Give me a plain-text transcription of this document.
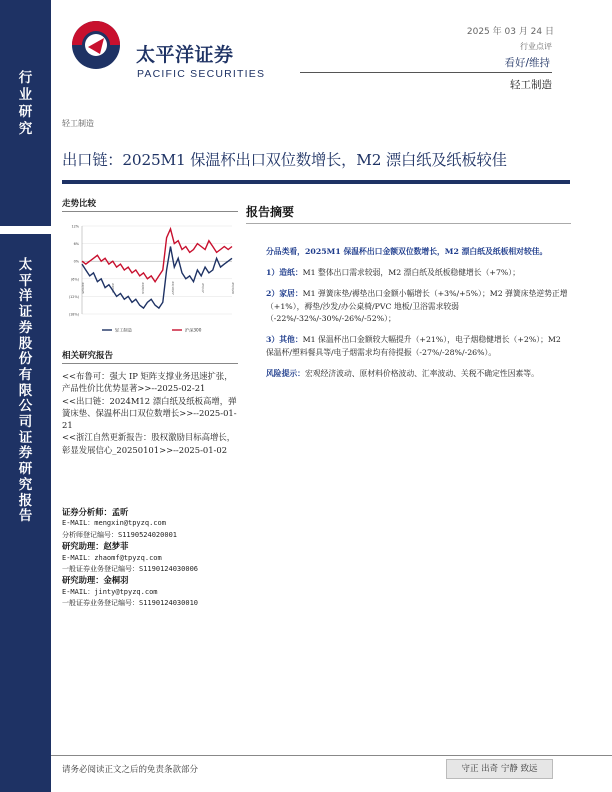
行
业
研
究
太
平
洋
证
券
股
份
有
限
公
司
证
券
研
究
报
告
太平洋证券
PACIFIC SECURITIES
2025 年 03 月 24 日
行业点评
看好/维持
轻工制造
轻工制造
出口链：2025M1 保温杯出口双位数增长，M2 漂白纸及纸板较佳
走势比较
12%
6%
0%
(6%)
(12%)
(18%)
24/3/25	24/6/5	24/8/16	24/10/27	25/1/7	25/3/20
轻工制造	沪深300
相关研究报告
<<布鲁可：强大 IP 矩阵支撑业务迅速扩张，产品性价比优势显著>>--2025-02-21
<<出口链：2024M12 漂白纸及纸板高增，弹簧床垫、保温杯出口双位数增长>>--2025-01-21
<<浙江自然更新报告：股权激励目标高增长，彰显发展信心_20250101>>--2025-01-02
证券分析师：孟昕
E-MAIL：mengxin@tpyzq.com
分析师登记编号：S1190524020001
研究助理：赵梦菲
E-MAIL：zhaomf@tpyzq.com
一般证券业务登记编号：S1190124030006
研究助理：金桐羽
E-MAIL：jinty@tpyzq.com
一般证券业务登记编号：S1190124030010
报告摘要
分品类看，2025M1 保温杯出口金额双位数增长，M2 漂白纸及纸板相对较佳。
1）造纸：M1 整体出口需求较弱，M2 漂白纸及纸板稳健增长（+7%）；
2）家居：M1 弹簧床垫/褥垫出口金额小幅增长（+3%/+5%）；M2 弹簧床垫逆势正增（+1%），褥垫/沙发/办公桌椅/PVC 地板/卫浴需求较弱（-22%/-32%/-30%/-26%/-52%）；
3）其他：M1 保温杯出口金额较大幅提升（+21%），电子烟稳健增长（+2%）；M2 保温杯/塑料餐具等/电子烟需求均有待提振（-27%/-28%/-26%）。
风险提示：宏观经济波动、原材料价格波动、汇率波动、关税不确定性因素等。
请务必阅读正文之后的免责条款部分	守正 出奇 宁静 致远
